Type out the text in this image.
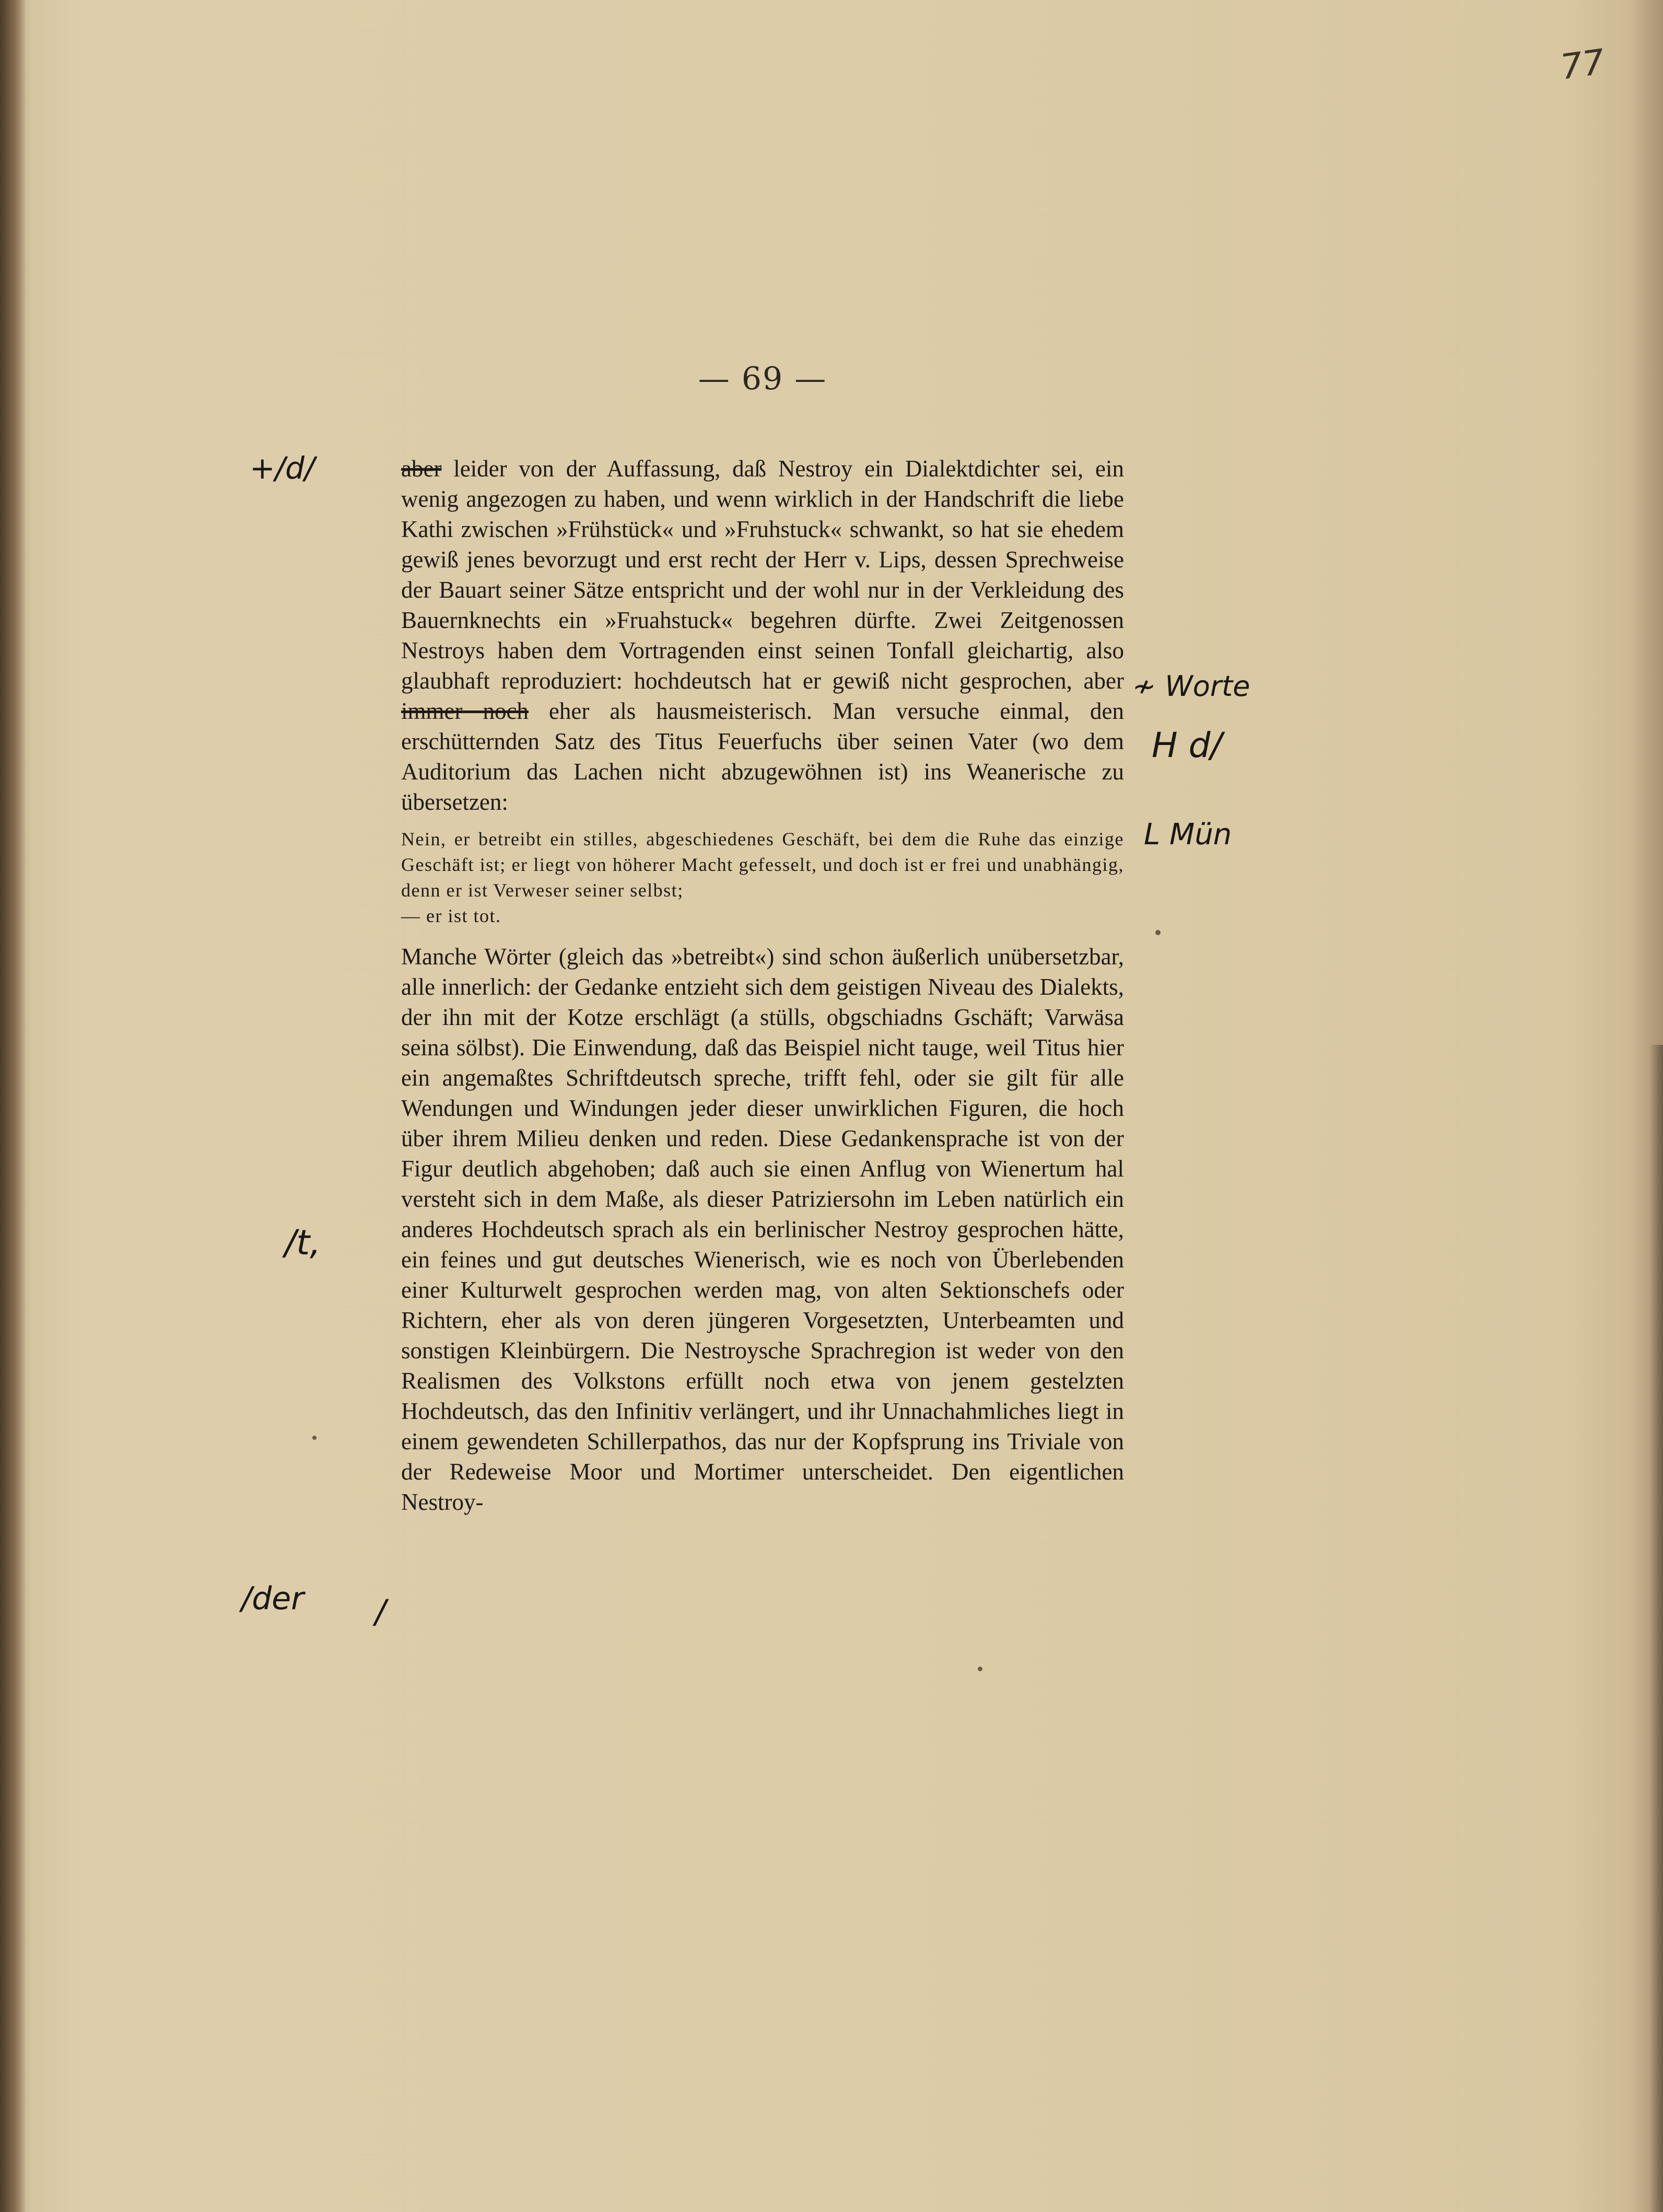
77
— 69 —
+/d/
≁ Worte
H d/
L Mün
/t,
/der /

aber leider von der Auffassung, daß Nestroy ein Dialektdichter sei, ein wenig angezogen zu haben, und wenn wirklich in der Handschrift die liebe Kathi zwischen »Frühstück« und »Fruhstuck« schwankt, so hat sie ehedem gewiß jenes bevorzugt und erst recht der Herr v. Lips, dessen Sprechweise der Bauart seiner Sätze entspricht und der wohl nur in der Verkleidung des Bauernknechts ein »Fruahstuck« begehren dürfte. Zwei Zeitgenossen Nestroys haben dem Vortragenden einst seinen Tonfall gleichartig, also glaubhaft reproduziert: hochdeutsch hat er gewiß nicht gesprochen, aber immer noch eher als hausmeisterisch. Man versuche einmal, den erschütternden Satz des Titus Feuerfuchs über seinen Vater (wo dem Auditorium das Lachen nicht abzugewöhnen ist) ins Weanerische zu übersetzen:

Nein, er betreibt ein stilles, abgeschiedenes Geschäft, bei dem die Ruhe das einzige Geschäft ist; er liegt von höherer Macht gefesselt, und doch ist er frei und unabhängig, denn er ist Verweser seiner selbst;
— er ist tot.

Manche Wörter (gleich das »betreibt«) sind schon äußerlich unübersetzbar, alle innerlich: der Gedanke entzieht sich dem geistigen Niveau des Dialekts, der ihn mit der Kotze erschlägt (a stülls, obgschiadns Gschäft; Varwäsa seina sölbst). Die Einwendung, daß das Beispiel nicht tauge, weil Titus hier ein angemaßtes Schriftdeutsch spreche, trifft fehl, oder sie gilt für alle Wendungen und Windungen jeder dieser unwirklichen Figuren, die hoch über ihrem Milieu denken und reden. Diese Gedankensprache ist von der Figur deutlich abgehoben; daß auch sie einen Anflug von Wienertum hal versteht sich in dem Maße, als dieser Patriziersohn im Leben natürlich ein anderes Hochdeutsch sprach als ein berlinischer Nestroy gesprochen hätte, ein feines und gut deutsches Wienerisch, wie es noch von Überlebenden einer Kulturwelt gesprochen werden mag, von alten Sektionschefs oder Richtern, eher als von deren jüngeren Vorgesetzten, Unterbeamten und sonstigen Kleinbürgern. Die Nestroysche Sprachregion ist weder von den Realismen des Volkstons erfüllt noch etwa von jenem gestelzten Hochdeutsch, das den Infinitiv verlängert, und ihr Unnachahmliches liegt in einem gewendeten Schillerpathos, das nur der Kopfsprung ins Triviale von der Redeweise Moor und Mortimer unterscheidet. Den eigentlichen Nestroy-
